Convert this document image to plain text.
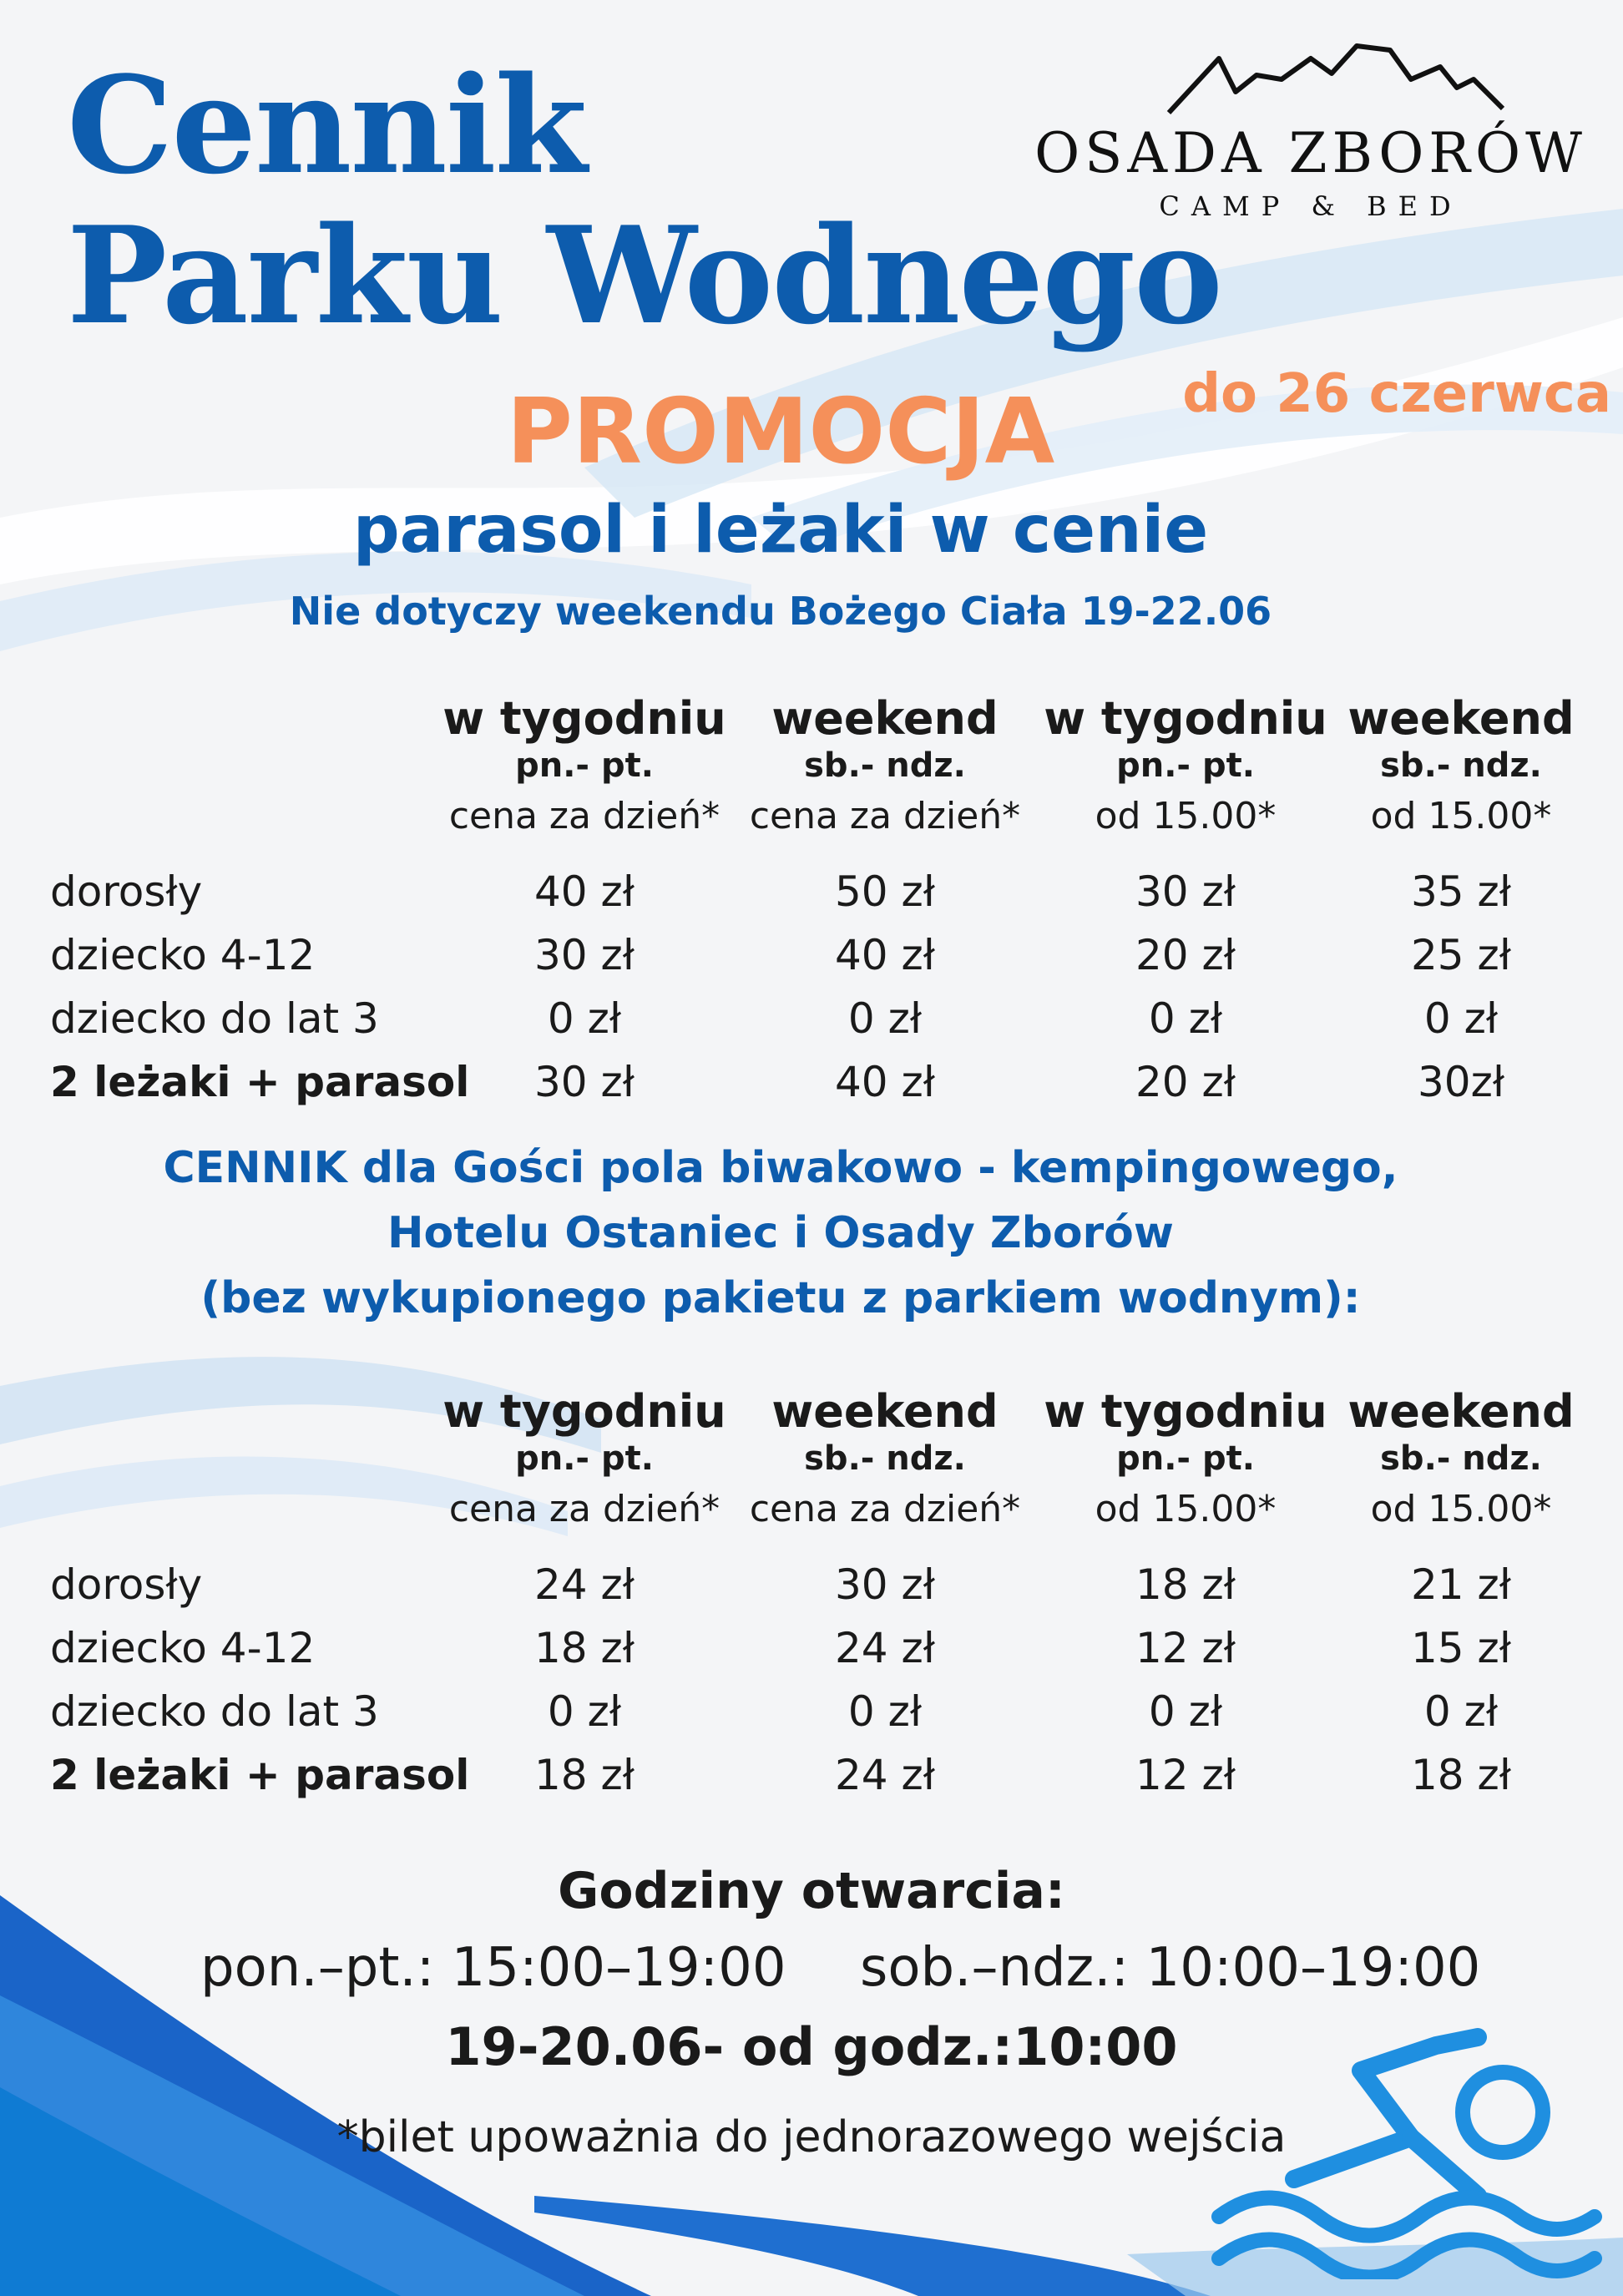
Cennik
Parku Wodnego
OSADA ZBORÓW
CAMP & BED
PROMOCJA	do 26 czerwca
parasol i leżaki w cenie
Nie dotyczy weekendu Bożego Ciała 19-22.06
w tygodniu
pn.- pt.
cena za dzień*
weekend
sb.- ndz.
cena za dzień*
w tygodniu
pn.- pt.
od 15.00*
weekend
sb.- ndz.
od 15.00*
dorosły	40 zł	50 zł	30 zł	35 zł
dziecko 4-12	30 zł	40 zł	20 zł	25 zł
dziecko do lat 3	0 zł	0 zł	0 zł	0 zł
2 leżaki + parasol	30 zł	40 zł	20 zł	30zł
CENNIK dla Gości pola biwakowo - kempingowego,
Hotelu Ostaniec i Osady Zborów
(bez wykupionego pakietu z parkiem wodnym):
w tygodniu
pn.- pt.
cena za dzień*
weekend
sb.- ndz.
cena za dzień*
w tygodniu
pn.- pt.
od 15.00*
weekend
sb.- ndz.
od 15.00*
dorosły	24 zł	30 zł	18 zł	21 zł
dziecko 4-12	18 zł	24 zł	12 zł	15 zł
dziecko do lat 3	0 zł	0 zł	0 zł	0 zł
2 leżaki + parasol	18 zł	24 zł	12 zł	18 zł
Godziny otwarcia:
pon.–pt.: 15:00–19:00 sob.–ndz.: 10:00–19:00
19-20.06- od godz.:10:00
*bilet upoważnia do jednorazowego wejścia
